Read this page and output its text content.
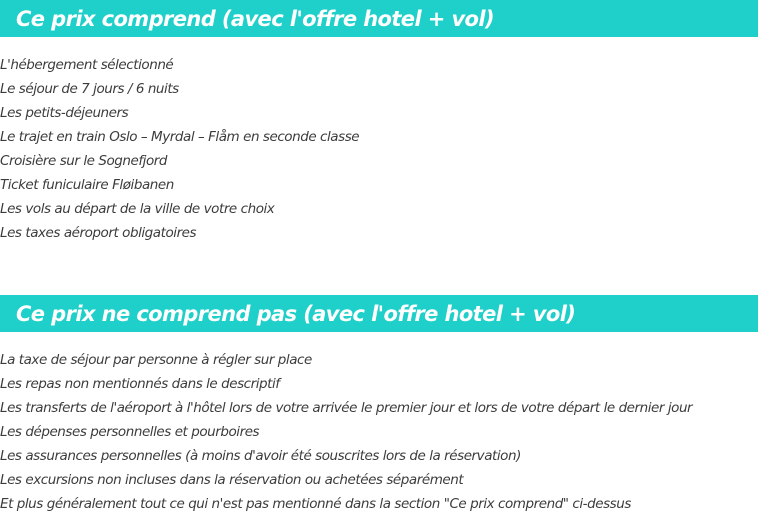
Ce prix comprend (avec l'offre hotel + vol)
L'hébergement sélectionné
Le séjour de 7 jours / 6 nuits
Les petits-déjeuners
Le trajet en train Oslo – Myrdal – Flåm en seconde classe
Croisière sur le Sognefjord
Ticket funiculaire Fløibanen
Les vols au départ de la ville de votre choix
Les taxes aéroport obligatoires
Ce prix ne comprend pas (avec l'offre hotel + vol)
La taxe de séjour par personne à régler sur place
Les repas non mentionnés dans le descriptif
Les transferts de l'aéroport à l'hôtel lors de votre arrivée le premier jour et lors de votre départ le dernier jour
Les dépenses personnelles et pourboires
Les assurances personnelles (à moins d'avoir été souscrites lors de la réservation)
Les excursions non incluses dans la réservation ou achetées séparément
Et plus généralement tout ce qui n'est pas mentionné dans la section "Ce prix comprend" ci-dessus
